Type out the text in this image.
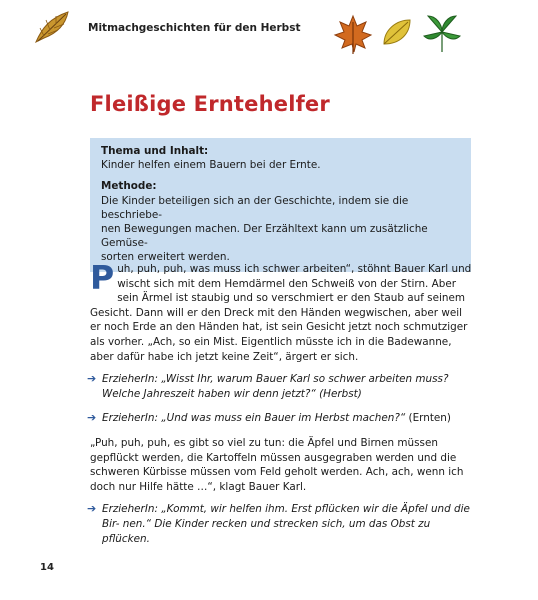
Mitmachgeschichten für den Herbst
Fleißige Erntehelfer
Thema und Inhalt:
Kinder helfen einem Bauern bei der Ernte.
Methode:
Die Kinder beteiligen sich an der Geschichte, indem sie die beschriebe-
nen Bewegungen machen. Der Erzähltext kann um zusätzliche Gemüse-
sorten erweitert werden.

Puh, puh, puh, was muss ich schwer arbeiten“, stöhnt Bauer Karl und wischt sich mit dem Hemdärmel den Schweiß von der Stirn. Aber sein Ärmel ist staubig und so verschmiert er den Staub auf seinem Gesicht. Dann will er den Dreck mit den Händen wegwischen, aber weil er noch Erde an den Händen hat, ist sein Gesicht jetzt noch schmutziger als vorher. „Ach, so ein Mist. Eigentlich müsste ich in die Badewanne, aber dafür habe ich jetzt keine Zeit“, ärgert er sich.

➔ ErzieherIn: „Wisst Ihr, warum Bauer Karl so schwer arbeiten muss? Welche Jahreszeit haben wir denn jetzt?“ (Herbst)

➔ ErzieherIn: „Und was muss ein Bauer im Herbst machen?“ (Ernten)

„Puh, puh, puh, es gibt so viel zu tun: die Äpfel und Birnen müssen gepflückt werden, die Kartoffeln müssen ausgegraben werden und die schweren Kürbisse müssen vom Feld geholt werden. Ach, ach, wenn ich doch nur Hilfe hätte …“, klagt Bauer Karl.

➔ ErzieherIn: „Kommt, wir helfen ihm. Erst pflücken wir die Äpfel und die Bir- nen.“ Die Kinder recken und strecken sich, um das Obst zu pflücken.

14
